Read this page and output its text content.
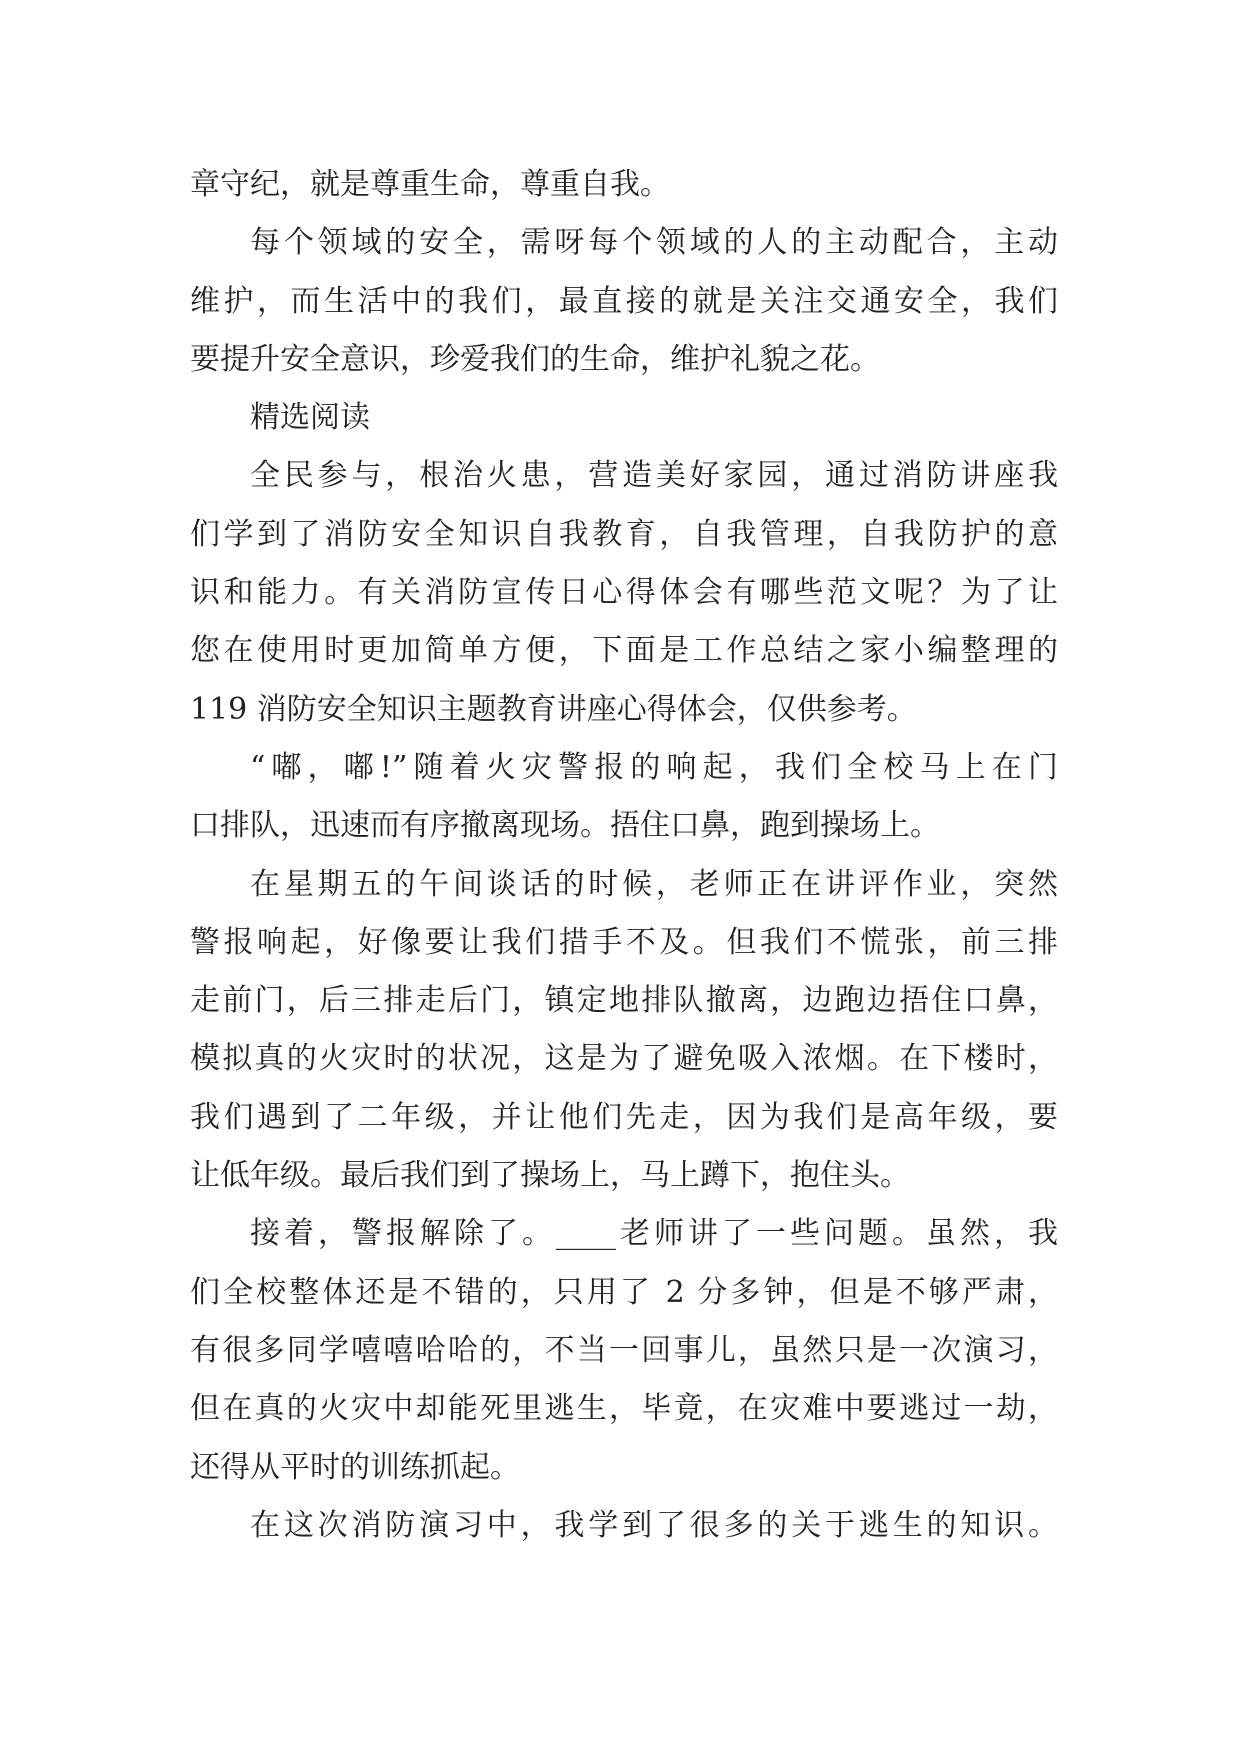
章守纪，就是尊重生命，尊重自我。
每个领域的安全，需呀每个领域的人的主动配合，主动
维护，而生活中的我们，最直接的就是关注交通安全，我们
要提升安全意识，珍爱我们的生命，维护礼貌之花。
精选阅读
全民参与，根治火患，营造美好家园，通过消防讲座我
们学到了消防安全知识自我教育，自我管理，自我防护的意
识和能力。有关消防宣传日心得体会有哪些范文呢？为了让
您在使用时更加简单方便，下面是工作总结之家小编整理的
119 消防安全知识主题教育讲座心得体会，仅供参考。
“嘟，嘟!”随着火灾警报的响起，我们全校马上在门
口排队，迅速而有序撤离现场。捂住口鼻，跑到操场上。
在星期五的午间谈话的时候，老师正在讲评作业，突然
警报响起，好像要让我们措手不及。但我们不慌张，前三排
走前门，后三排走后门，镇定地排队撤离，边跑边捂住口鼻，
模拟真的火灾时的状况，这是为了避免吸入浓烟。在下楼时，
我们遇到了二年级，并让他们先走，因为我们是高年级，要
让低年级。最后我们到了操场上，马上蹲下，抱住头。
接着，警报解除了。____老师讲了一些问题。虽然，我
们全校整体还是不错的，只用了 2 分多钟，但是不够严肃，
有很多同学嘻嘻哈哈的，不当一回事儿，虽然只是一次演习，
但在真的火灾中却能死里逃生，毕竟，在灾难中要逃过一劫，
还得从平时的训练抓起。
在这次消防演习中，我学到了很多的关于逃生的知识。
